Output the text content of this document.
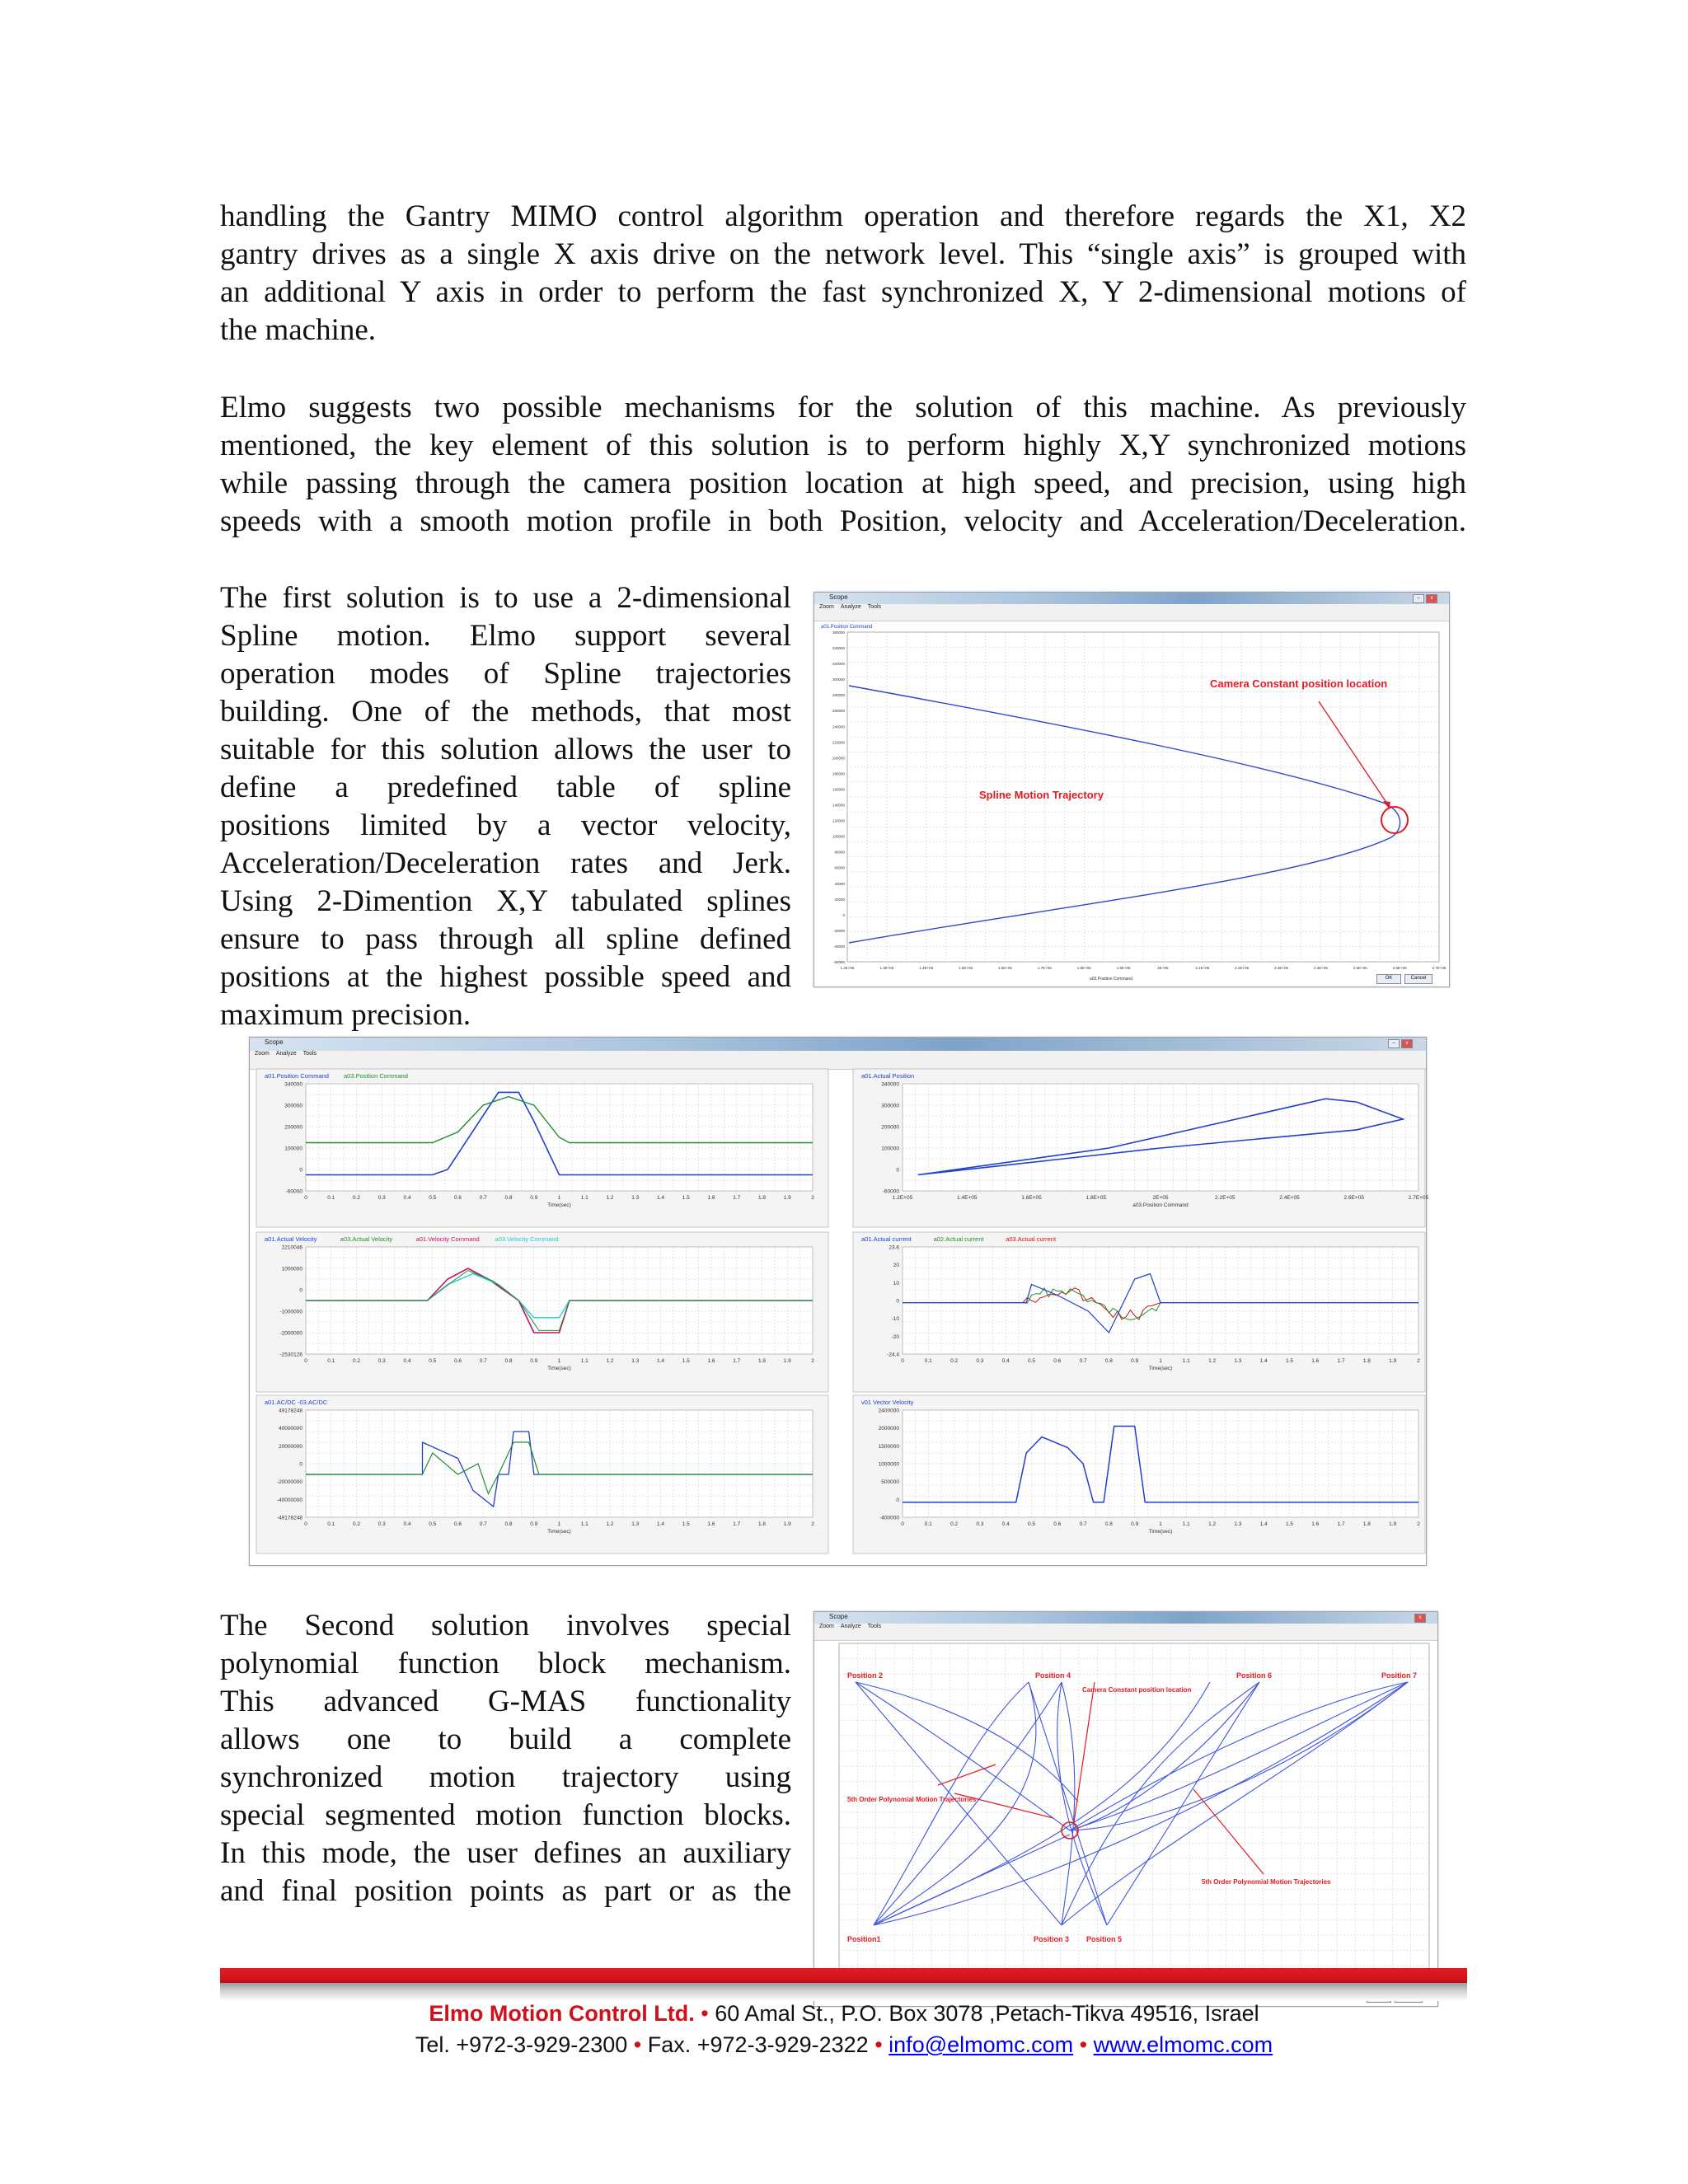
handling the Gantry MIMO control algorithm operation and therefore regards the X1, X2
gantry drives as a single X axis drive on the network level. This “single axis” is grouped with
an additional Y axis in order to perform the fast synchronized X, Y 2-dimensional motions of
the machine.
Elmo suggests two possible mechanisms for the solution of this machine. As previously
mentioned, the key element of this solution is to perform highly X,Y synchronized motions
while passing through the camera position location at high speed, and precision, using high
speeds with a smooth motion profile in both Position, velocity and Acceleration/Deceleration.
The first solution is to use a 2-dimensional
Spline motion. Elmo support several
operation modes of Spline trajectories
building. One of the methods, that most
suitable for this solution allows the user to
define a predefined table of spline
positions limited by a vector velocity,
Acceleration/Deceleration rates and Jerk.
Using 2-Dimention X,Y tabulated splines
ensure to pass through all spline defined
positions at the highest possible speed and
maximum precision.
The Second solution involves special
polynomial function block mechanism.
This advanced G-MAS functionality
allows one to build a complete
synchronized motion trajectory using
special segmented motion function blocks.
In this mode, the user defines an auxiliary
and final position points as part or as the
Scope	–	x
Zoom Analyze Tools
a01.Position Command
360000
340000
320000
300000
280000
260000
240000
220000
200000
180000
160000
140000
120000
100000
80000
60000
40000
20000
0
-20000
-40000
-60000
1.2E+05	1.3E+05	1.4E+05	1.5E+05	1.6E+05	1.7E+05	1.8E+05	1.9E+05	2E+05	2.1E+05	2.2E+05	2.3E+05	2.4E+05	2.5E+05	2.6E+05	2.7E+05
Camera Constant position location
Spline Motion Trajectory
a03.Position Command	OK	Cancel
Scope	–	x
Zoom Analyze Tools
a01.Position Command a03.Position Command
340000
300000
200000
100000
0
-60000
0	0.1	0.2	0.3	0.4	0.5	0.6	0.7	0.8	0.9	1	1.1	1.2	1.3	1.4	1.5	1.6	1.7	1.8	1.9	2
Time(sec)
a01.Actual Position
340000
300000
200000
100000
0
-60000
1.2E+05	1.4E+05	1.6E+05	1.8E+05	2E+05	2.2E+05	2.4E+05	2.6E+05	2.7E+05
a03.Position Command
a01.Actual Velocity	a03.Actual Velocity	a01.Velocity Command	a03.Velocity Command
2210046
1000000
0
-1000000
-2000000
-2530126
0	0.1	0.2	0.3	0.4	0.5	0.6	0.7	0.8	0.9	1	1.1	1.2	1.3	1.4	1.5	1.6	1.7	1.8	1.9	2
Time(sec)
a01.Actual current	a02.Actual current	a03.Actual current
23.6
20
10
0
-10
-20
-24.4
0	0.1	0.2	0.3	0.4	0.5	0.6	0.7	0.8	0.9	1	1.1	1.2	1.3	1.4	1.5	1.6	1.7	1.8	1.9	2
Time(sec)
a01.AC/DC -03.AC/DC
49178248
40000000
20000000
0
-20000000
-40000000
-49178248
0	0.1	0.2	0.3	0.4	0.5	0.6	0.7	0.8	0.9	1	1.1	1.2	1.3	1.4	1.5	1.6	1.7	1.8	1.9	2
Time(sec)
v01 Vector Velocity
2400000
2000000
1500000
1000000
500000
0
-400000
0	0.1	0.2	0.3	0.4	0.5	0.6	0.7	0.8	0.9	1	1.1	1.2	1.3	1.4	1.5	1.6	1.7	1.8	1.9	2
Time(sec)
Scope	x
Zoom Analyze Tools
Position1
Position 2
Position 3
Position 4
Position 5
Position 6	Position 7
Camera Constant position location
5th Order Polynomial Motion Trajectories
5th Order Polynomial Motion Trajectories
Elmo Motion Control Ltd. • 60 Amal St., P.O. Box 3078 ,Petach-Tikva 49516, Israel
Tel. +972-3-929-2300 • Fax. +972-3-929-2322 • info@elmomc.com • www.elmomc.com
